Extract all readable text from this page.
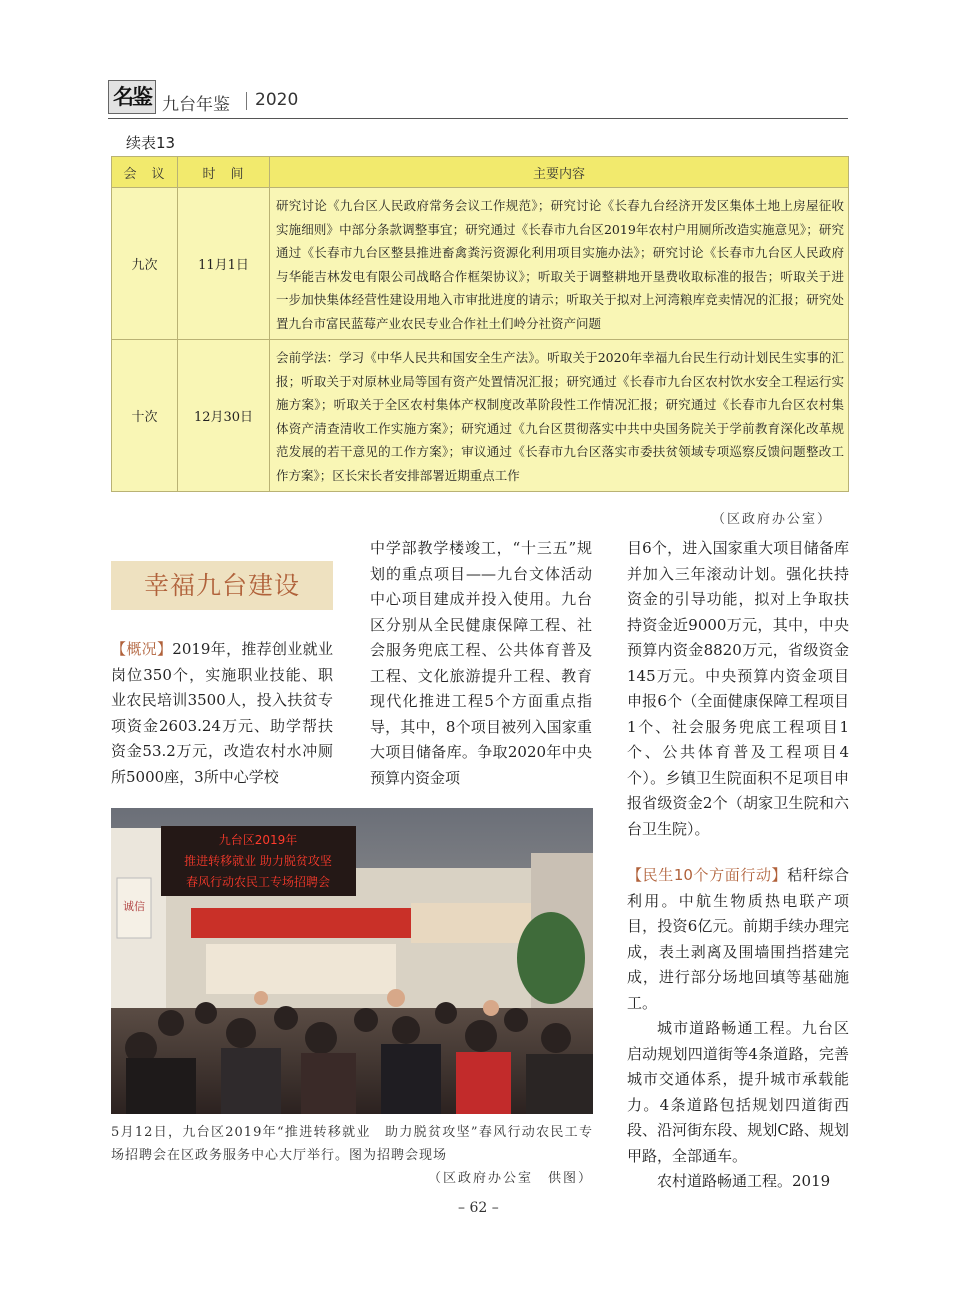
名鉴 九台年鉴 2020
续表13
会　议	时　间	主要内容
九次	11月1日	研究讨论《九台区人民政府常务会议工作规范》；研究讨论《长春九台经济开发区集体土地上房屋征收实施细则》中部分条款调整事宜；研究通过《长春市九台区2019年农村户用厕所改造实施意见》；研究通过《长春市九台区整县推进畜禽粪污资源化利用项目实施办法》；研究讨论《长春市九台区人民政府与华能吉林发电有限公司战略合作框架协议》；听取关于调整耕地开垦费收取标准的报告；听取关于进一步加快集体经营性建设用地入市审批进度的请示；听取关于拟对上河湾粮库竞卖情况的汇报；研究处置九台市富民蓝莓产业农民专业合作社土们岭分社资产问题
十次	12月30日	会前学法：学习《中华人民共和国安全生产法》。听取关于2020年幸福九台民生行动计划民生实事的汇报；听取关于对原林业局等国有资产处置情况汇报；研究通过《长春市九台区农村饮水安全工程运行实施方案》；听取关于全区农村集体产权制度改革阶段性工作情况汇报；研究通过《长春市九台区农村集体资产清查清收工作实施方案》；研究通过《九台区贯彻落实中共中央国务院关于学前教育深化改革规范发展的若干意见的工作方案》；审议通过《长春市九台区落实市委扶贫领域专项巡察反馈问题整改工作方案》；区长宋长者安排部署近期重点工作
（区政府办公室）
幸福九台建设

【概况】2019年，推荐创业就业岗位350个，实施职业技能、职业农民培训3500人，投入扶贫专项资金2603.24万元、助学帮扶资金53.2万元，改造农村水冲厕所5000座，3所中心学校

中学部教学楼竣工，“十三五”规划的重点项目——九台文体活动中心项目建成并投入使用。九台区分别从全民健康保障工程、社会服务兜底工程、公共体育普及工程、文化旅游提升工程、教育现代化推进工程5个方面重点指导，其中，8个项目被列入国家重大项目储备库。争取2020年中央预算内资金项

目6个，进入国家重大项目储备库并加入三年滚动计划。强化扶持资金的引导功能，拟对上争取扶持资金近9000万元，其中，中央预算内资金8820万元，省级资金145万元。中央预算内资金项目申报6个（全面健康保障工程项目1个、社会服务兜底工程项目1个、公共体育普及工程项目4个）。乡镇卫生院面积不足项目申报省级资金2个（胡家卫生院和六台卫生院）。

【民生10个方面行动】秸秆综合利用。中航生物质热电联产项目，投资6亿元。前期手续办理完成，表土剥离及围墙围挡搭建完成，进行部分场地回填等基础施工。

城市道路畅通工程。九台区启动规划四道街等4条道路，完善城市交通体系，提升城市承载能力。4条道路包括规划四道街西段、沿河街东段、规划C路、规划甲路，全部通车。

农村道路畅通工程。2019

九台区2019年
推进转移就业 助力脱贫攻坚
春风行动农民工专场招聘会
诚信
5月12日，九台区2019年“推进转移就业　助力脱贫攻坚”春风行动农民工专场招聘会在区政务服务中心大厅举行。图为招聘会现场
（区政府办公室　供图）
– 62 –
